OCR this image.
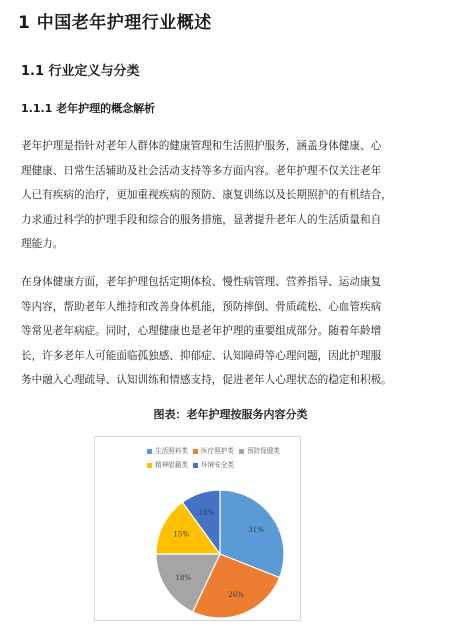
1 中国老年护理行业概述
1.1 行业定义与分类
1.1.1 老年护理的概念解析

老年护理是指针对老年人群体的健康管理和生活照护服务，涵盖身体健康、心
理健康、日常生活辅助及社会活动支持等多方面内容。老年护理不仅关注老年
人已有疾病的治疗，更加重视疾病的预防、康复训练以及长期照护的有机结合，
力求通过科学的护理手段和综合的服务措施，显著提升老年人的生活质量和自
理能力。

在身体健康方面，老年护理包括定期体检、慢性病管理、营养指导、运动康复
等内容，帮助老年人维持和改善身体机能，预防摔倒、骨质疏松、心血管疾病
等常见老年病症。同时，心理健康也是老年护理的重要组成部分。随着年龄增
长，许多老年人可能面临孤独感、抑郁症、认知障碍等心理问题，因此护理服
务中融入心理疏导、认知训练和情感支持，促进老年人心理状态的稳定和积极。

图表：老年护理按服务内容分类
生活照料类 医疗照护类 预防保健类精神慰藉类 环境安全类
31%
26%
18%
15%
10%
